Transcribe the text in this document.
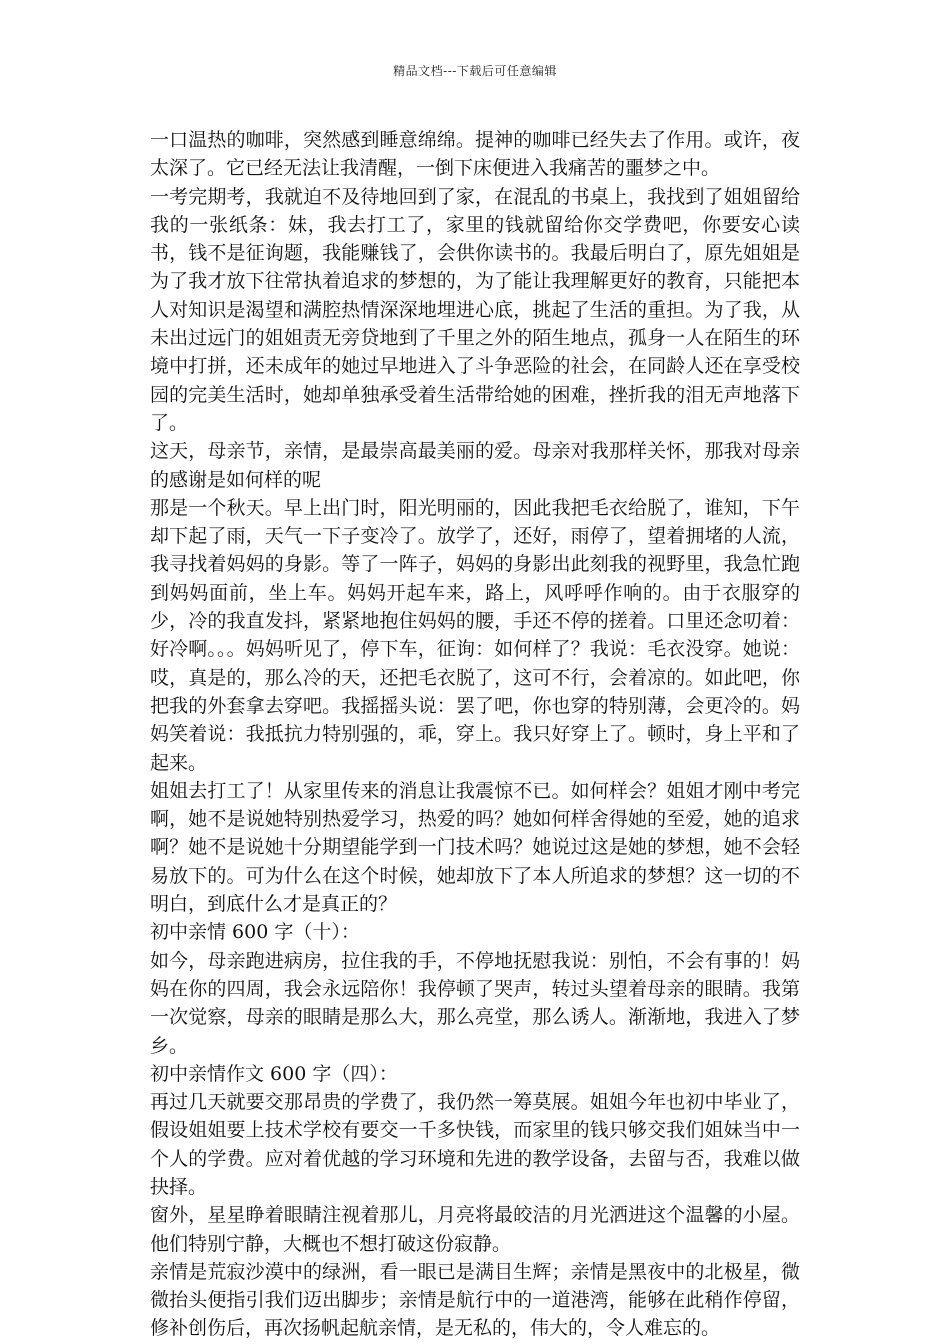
精品文档---下载后可任意编辑

一口温热的咖啡，突然感到睡意绵绵。提神的咖啡已经失去了作用。或许，夜太深了。它已经无法让我清醒，一倒下床便进入我痛苦的噩梦之中。

一考完期考，我就迫不及待地回到了家，在混乱的书桌上，我找到了姐姐留给我的一张纸条：妹，我去打工了，家里的钱就留给你交学费吧，你要安心读书，钱不是征询题，我能赚钱了，会供你读书的。我最后明白了，原先姐姐是为了我才放下往常执着追求的梦想的，为了能让我理解更好的教育，只能把本人对知识是渴望和满腔热情深深地埋进心底，挑起了生活的重担。为了我，从未出过远门的姐姐责无旁贷地到了千里之外的陌生地点，孤身一人在陌生的环境中打拼，还未成年的她过早地进入了斗争恶险的社会，在同龄人还在享受校园的完美生活时，她却单独承受着生活带给她的困难，挫折我的泪无声地落下了。

这天，母亲节，亲情，是最崇高最美丽的爱。母亲对我那样关怀，那我对母亲的感谢是如何样的呢

那是一个秋天。早上出门时，阳光明丽的，因此我把毛衣给脱了，谁知，下午却下起了雨，天气一下子变冷了。放学了，还好，雨停了，望着拥堵的人流，我寻找着妈妈的身影。等了一阵子，妈妈的身影出此刻我的视野里，我急忙跑到妈妈面前，坐上车。妈妈开起车来，路上，风呼呼作响的。由于衣服穿的少，冷的我直发抖，紧紧地抱住妈妈的腰，手还不停的搓着。口里还念叨着：好冷啊。。。妈妈听见了，停下车，征询：如何样了？我说：毛衣没穿。她说：哎，真是的，那么冷的天，还把毛衣脱了，这可不行，会着凉的。如此吧，你把我的外套拿去穿吧。我摇摇头说：罢了吧，你也穿的特别薄，会更冷的。妈妈笑着说：我抵抗力特别强的，乖，穿上。我只好穿上了。顿时，身上平和了起来。

姐姐去打工了！从家里传来的消息让我震惊不已。如何样会？姐姐才刚中考完啊，她不是说她特别热爱学习，热爱的吗？她如何样舍得她的至爱，她的追求啊？她不是说她十分期望能学到一门技术吗？她说过这是她的梦想，她不会轻易放下的。可为什么在这个时候，她却放下了本人所追求的梦想？这一切的不明白，到底什么才是真正的？

初中亲情 600 字（十）：

如今，母亲跑进病房，拉住我的手，不停地抚慰我说：别怕，不会有事的！妈妈在你的四周，我会永远陪你！我停顿了哭声，转过头望着母亲的眼睛。我第一次觉察，母亲的眼睛是那么大，那么亮堂，那么诱人。渐渐地，我进入了梦乡。

初中亲情作文 600 字（四）：

再过几天就要交那昂贵的学费了，我仍然一筹莫展。姐姐今年也初中毕业了，假设姐姐要上技术学校有要交一千多快钱，而家里的钱只够交我们姐妹当中一个人的学费。应对着优越的学习环境和先进的教学设备，去留与否，我难以做抉择。

窗外，星星睁着眼睛注视着那儿，月亮将最皎洁的月光洒进这个温馨的小屋。他们特别宁静，大概也不想打破这份寂静。

亲情是荒寂沙漠中的绿洲，看一眼已是满目生辉；亲情是黑夜中的北极星，微微抬头便指引我们迈出脚步；亲情是航行中的一道港湾，能够在此稍作停留，修补创伤后，再次扬帆起航亲情，是无私的，伟大的，令人难忘的。
